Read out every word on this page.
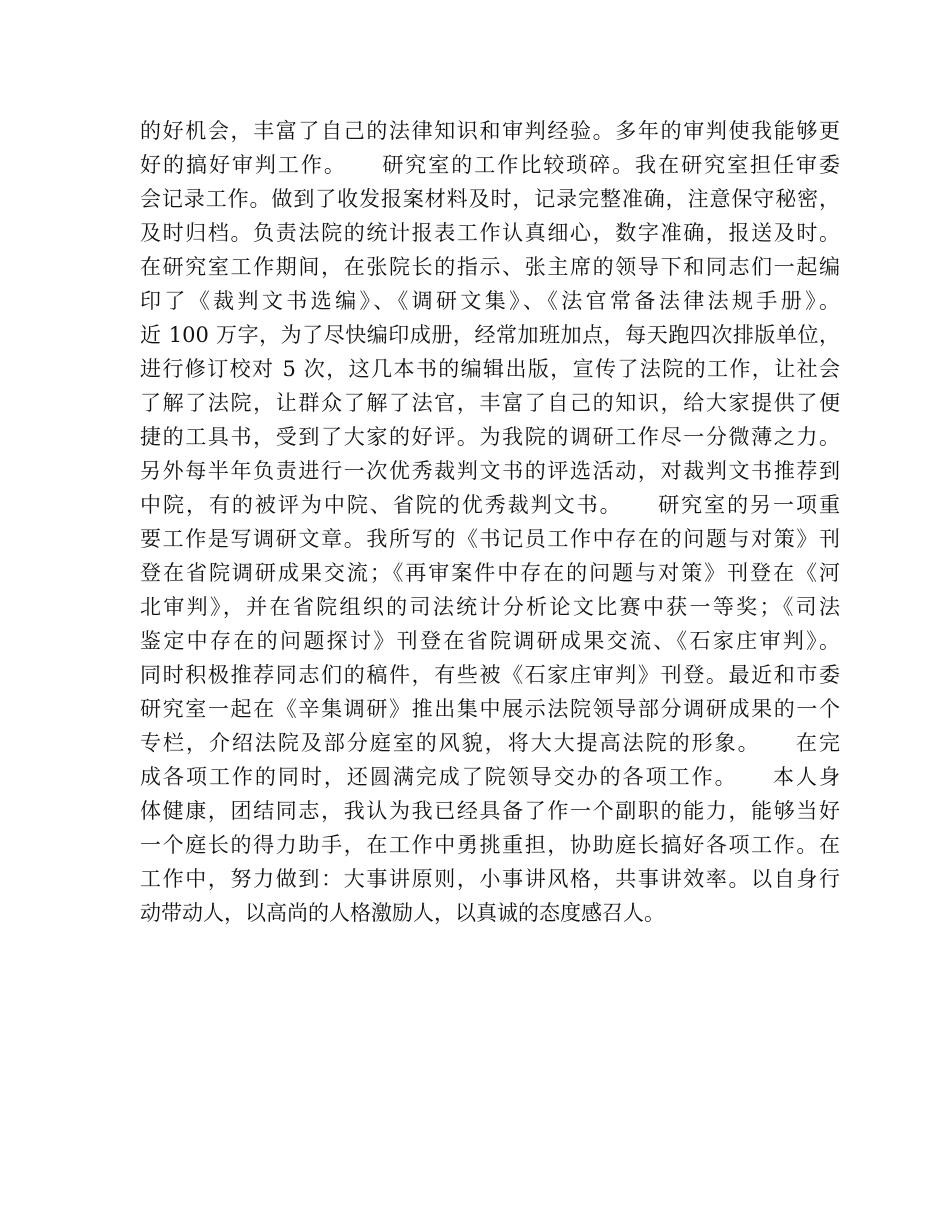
的好机会，丰富了自己的法律知识和审判经验。多年的审判使我能够更
好的搞好审判工作。　　研究室的工作比较琐碎。我在研究室担任审委
会记录工作。做到了收发报案材料及时，记录完整准确，注意保守秘密，
及时归档。负责法院的统计报表工作认真细心，数字准确，报送及时。
在研究室工作期间，在张院长的指示、张主席的领导下和同志们一起编
印了《裁判文书选编》、《调研文集》、《法官常备法律法规手册》。
近 100 万字，为了尽快编印成册，经常加班加点，每天跑四次排版单位，
进行修订校对 5 次，这几本书的编辑出版，宣传了法院的工作，让社会
了解了法院，让群众了解了法官，丰富了自己的知识，给大家提供了便
捷的工具书，受到了大家的好评。为我院的调研工作尽一分微薄之力。
另外每半年负责进行一次优秀裁判文书的评选活动，对裁判文书推荐到
中院，有的被评为中院、省院的优秀裁判文书。　　研究室的另一项重
要工作是写调研文章。我所写的《书记员工作中存在的问题与对策》刊
登在省院调研成果交流；《再审案件中存在的问题与对策》刊登在《河
北审判》，并在省院组织的司法统计分析论文比赛中获一等奖；《司法
鉴定中存在的问题探讨》刊登在省院调研成果交流、《石家庄审判》。
同时积极推荐同志们的稿件，有些被《石家庄审判》刊登。最近和市委
研究室一起在《辛集调研》推出集中展示法院领导部分调研成果的一个
专栏，介绍法院及部分庭室的风貌，将大大提高法院的形象。　　在完
成各项工作的同时，还圆满完成了院领导交办的各项工作。　　本人身
体健康，团结同志，我认为我已经具备了作一个副职的能力，能够当好
一个庭长的得力助手，在工作中勇挑重担，协助庭长搞好各项工作。在
工作中，努力做到：大事讲原则，小事讲风格，共事讲效率。以自身行
动带动人，以高尚的人格激励人，以真诚的态度感召人。
